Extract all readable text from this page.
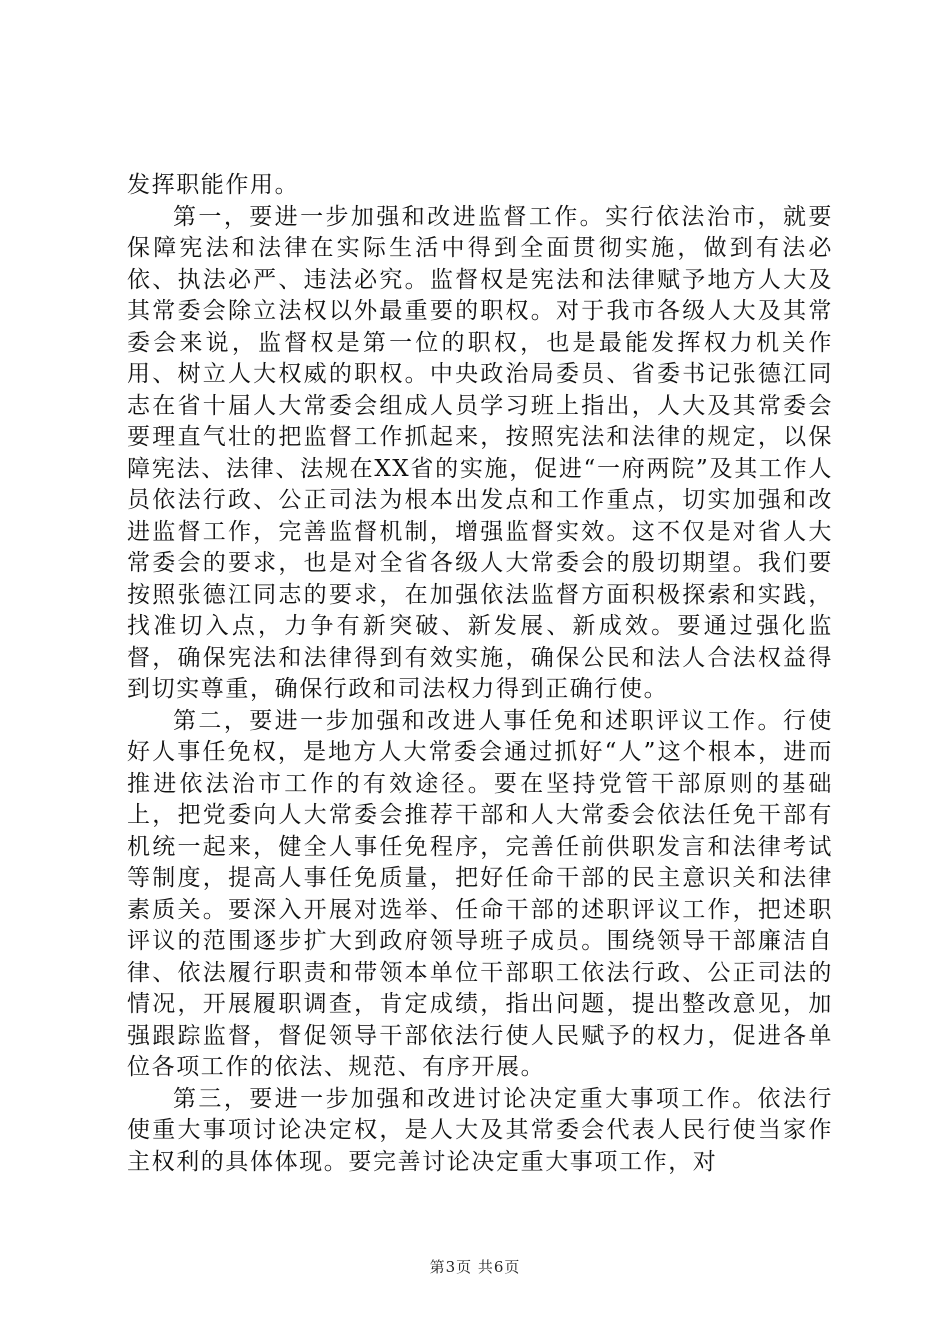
发挥职能作用。

第一，要进一步加强和改进监督工作。实行依法治市，就要保障宪法和法律在实际生活中得到全面贯彻实施，做到有法必依、执法必严、违法必究。监督权是宪法和法律赋予地方人大及其常委会除立法权以外最重要的职权。对于我市各级人大及其常委会来说，监督权是第一位的职权，也是最能发挥权力机关作用、树立人大权威的职权。中央政治局委员、省委书记张德江同志在省十届人大常委会组成人员学习班上指出，人大及其常委会要理直气壮的把监督工作抓起来，按照宪法和法律的规定，以保障宪法、法律、法规在XX省的实施，促进“一府两院”及其工作人员依法行政、公正司法为根本出发点和工作重点，切实加强和改进监督工作，完善监督机制，增强监督实效。这不仅是对省人大常委会的要求，也是对全省各级人大常委会的殷切期望。我们要按照张德江同志的要求，在加强依法监督方面积极探索和实践，找准切入点，力争有新突破、新发展、新成效。要通过强化监督，确保宪法和法律得到有效实施，确保公民和法人合法权益得到切实尊重，确保行政和司法权力得到正确行使。

第二，要进一步加强和改进人事任免和述职评议工作。行使好人事任免权，是地方人大常委会通过抓好“人”这个根本，进而推进依法治市工作的有效途径。要在坚持党管干部原则的基础上，把党委向人大常委会推荐干部和人大常委会依法任免干部有机统一起来，健全人事任免程序，完善任前供职发言和法律考试等制度，提高人事任免质量，把好任命干部的民主意识关和法律素质关。要深入开展对选举、任命干部的述职评议工作，把述职评议的范围逐步扩大到政府领导班子成员。围绕领导干部廉洁自律、依法履行职责和带领本单位干部职工依法行政、公正司法的情况，开展履职调查，肯定成绩，指出问题，提出整改意见，加强跟踪监督，督促领导干部依法行使人民赋予的权力，促进各单位各项工作的依法、规范、有序开展。

第三，要进一步加强和改进讨论决定重大事项工作。依法行使重大事项讨论决定权，是人大及其常委会代表人民行使当家作主权利的具体体现。要完善讨论决定重大事项工作，对

第3页 共6页
